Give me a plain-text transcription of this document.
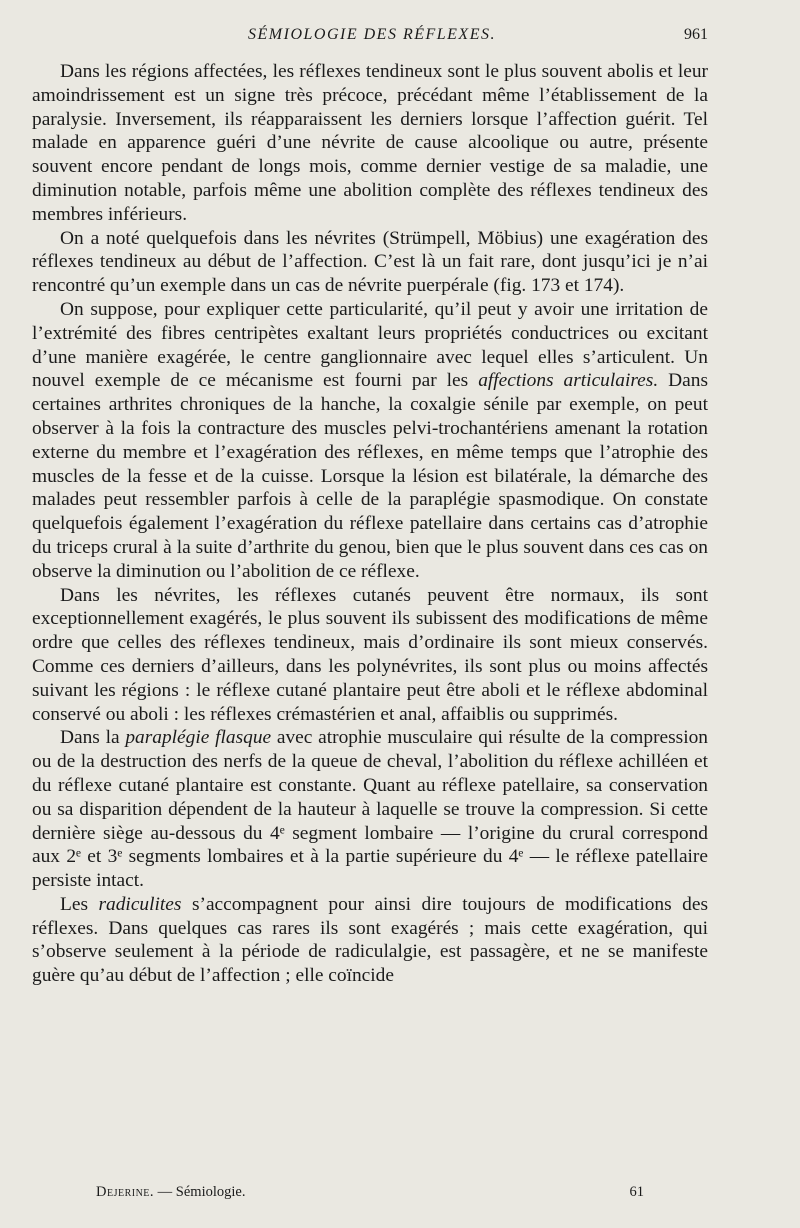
SÉMIOLOGIE DES RÉFLEXES.	961

Dans les régions affectées, les réflexes tendineux sont le plus souvent abolis et leur amoindrissement est un signe très précoce, précédant même l’établissement de la paralysie. Inversement, ils réapparaissent les derniers lorsque l’affection guérit. Tel malade en apparence guéri d’une névrite de cause alcoolique ou autre, présente souvent encore pendant de longs mois, comme dernier vestige de sa maladie, une diminution notable, parfois même une abolition complète des réflexes tendineux des membres inférieurs.

On a noté quelquefois dans les névrites (Strümpell, Möbius) une exagération des réflexes tendineux au début de l’affection. C’est là un fait rare, dont jusqu’ici je n’ai rencontré qu’un exemple dans un cas de névrite puerpérale (fig. 173 et 174).

On suppose, pour expliquer cette particularité, qu’il peut y avoir une irritation de l’extrémité des fibres centripètes exaltant leurs propriétés conductrices ou excitant d’une manière exagérée, le centre ganglionnaire avec lequel elles s’articulent. Un nouvel exemple de ce mécanisme est fourni par les affections articulaires. Dans certaines arthrites chroniques de la hanche, la coxalgie sénile par exemple, on peut observer à la fois la contracture des muscles pelvi-trochantériens amenant la rotation externe du membre et l’exagération des réflexes, en même temps que l’atrophie des muscles de la fesse et de la cuisse. Lorsque la lésion est bilatérale, la démarche des malades peut ressembler parfois à celle de la paraplégie spasmodique. On constate quelquefois également l’exagération du réflexe patellaire dans certains cas d’atrophie du triceps crural à la suite d’arthrite du genou, bien que le plus souvent dans ces cas on observe la diminution ou l’abolition de ce réflexe.

Dans les névrites, les réflexes cutanés peuvent être normaux, ils sont exceptionnellement exagérés, le plus souvent ils subissent des modifications de même ordre que celles des réflexes tendineux, mais d’ordinaire ils sont mieux conservés. Comme ces derniers d’ailleurs, dans les polynévrites, ils sont plus ou moins affectés suivant les régions : le réflexe cutané plantaire peut être aboli et le réflexe abdominal conservé ou aboli : les réflexes crémastérien et anal, affaiblis ou supprimés.

Dans la paraplégie flasque avec atrophie musculaire qui résulte de la compression ou de la destruction des nerfs de la queue de cheval, l’abolition du réflexe achilléen et du réflexe cutané plantaire est constante. Quant au réflexe patellaire, sa conservation ou sa disparition dépendent de la hauteur à laquelle se trouve la compression. Si cette dernière siège au-dessous du 4ᵉ segment lombaire — l’origine du crural correspond aux 2ᵉ et 3ᵉ segments lombaires et à la partie supérieure du 4ᵉ — le réflexe patellaire persiste intact.

Les radiculites s’accompagnent pour ainsi dire toujours de modifications des réflexes. Dans quelques cas rares ils sont exagérés ; mais cette exagération, qui s’observe seulement à la période de radiculalgie, est passagère, et ne se manifeste guère qu’au début de l’affection ; elle coïncide

Dejerine. — Sémiologie.	61
